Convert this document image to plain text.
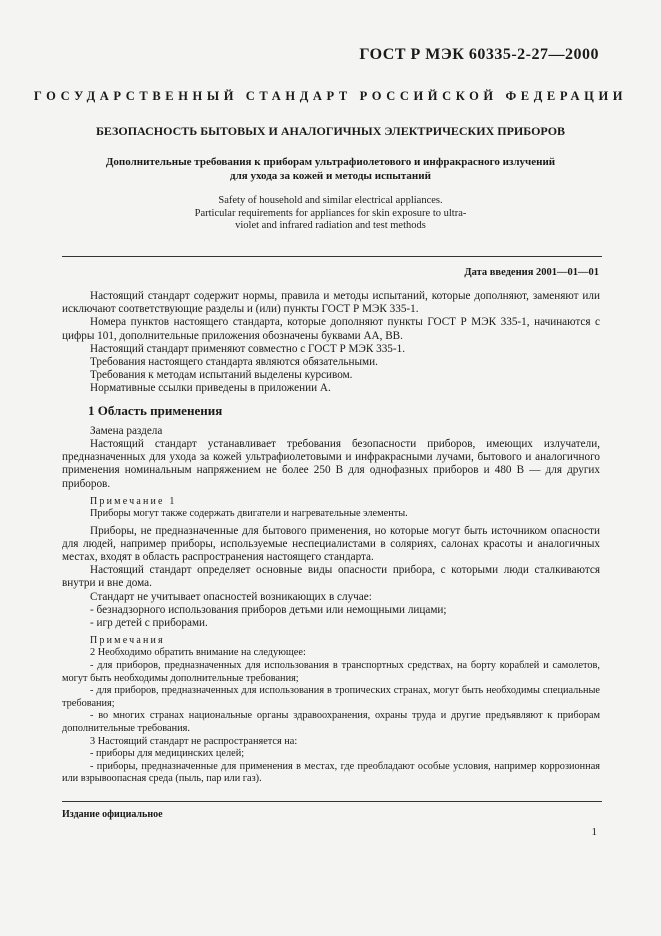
ГОСТ Р МЭК 60335-2-27—2000
ГОСУДАРСТВЕННЫЙ СТАНДАРТ РОССИЙСКОЙ ФЕДЕРАЦИИ
БЕЗОПАСНОСТЬ БЫТОВЫХ И АНАЛОГИЧНЫХ ЭЛЕКТРИЧЕСКИХ ПРИБОРОВ
Дополнительные требования к приборам ультрафиолетового и инфракрасного излучений
для ухода за кожей и методы испытаний
Safety of household and similar electrical appliances.
Particular requirements for appliances for skin exposure to ultra-
violet and infrared radiation and test methods
Дата введения 2001—01—01

Настоящий стандарт содержит нормы, правила и методы испытаний, которые дополняют, заменяют или исключают соответствующие разделы и (или) пункты ГОСТ Р МЭК 335-1.

Номера пунктов настоящего стандарта, которые дополняют пункты ГОСТ Р МЭК 335-1, начинаются с цифры 101, дополнительные приложения обозначены буквами АА, ВВ.

Настоящий стандарт применяют совместно с ГОСТ Р МЭК 335-1.

Требования настоящего стандарта являются обязательными.

Требования к методам испытаний выделены курсивом.

Нормативные ссылки приведены в приложении А.

1 Область применения

Замена раздела

Настоящий стандарт устанавливает требования безопасности приборов, имеющих излучатели, предназначенных для ухода за кожей ультрафиолетовыми и инфракрасными лучами, бытового и аналогичного применения номинальным напряжением не более 250 В для однофазных приборов и 480 В — для других приборов.

Примечание 1

Приборы могут также содержать двигатели и нагревательные элементы.

Приборы, не предназначенные для бытового применения, но которые могут быть источником опасности для людей, например приборы, используемые неспециалистами в соляриях, салонах красоты и аналогичных местах, входят в область распространения настоящего стандарта.

Настоящий стандарт определяет основные виды опасности прибора, с которыми люди сталкиваются внутри и вне дома.

Стандарт не учитывает опасностей возникающих в случае:

- безнадзорного использования приборов детьми или немощными лицами;

- игр детей с приборами.

Примечания

2 Необходимо обратить внимание на следующее:

- для приборов, предназначенных для использования в транспортных средствах, на борту кораблей и самолетов, могут быть необходимы дополнительные требования;

- для приборов, предназначенных для использования в тропических странах, могут быть необходимы специальные требования;

- во многих странах национальные органы здравоохранения, охраны труда и другие предъявляют к приборам дополнительные требования.

3 Настоящий стандарт не распространяется на:

- приборы для медицинских целей;

- приборы, предназначенные для применения в местах, где преобладают особые условия, например коррозионная или взрывоопасная среда (пыль, пар или газ).

Издание официальное
1
